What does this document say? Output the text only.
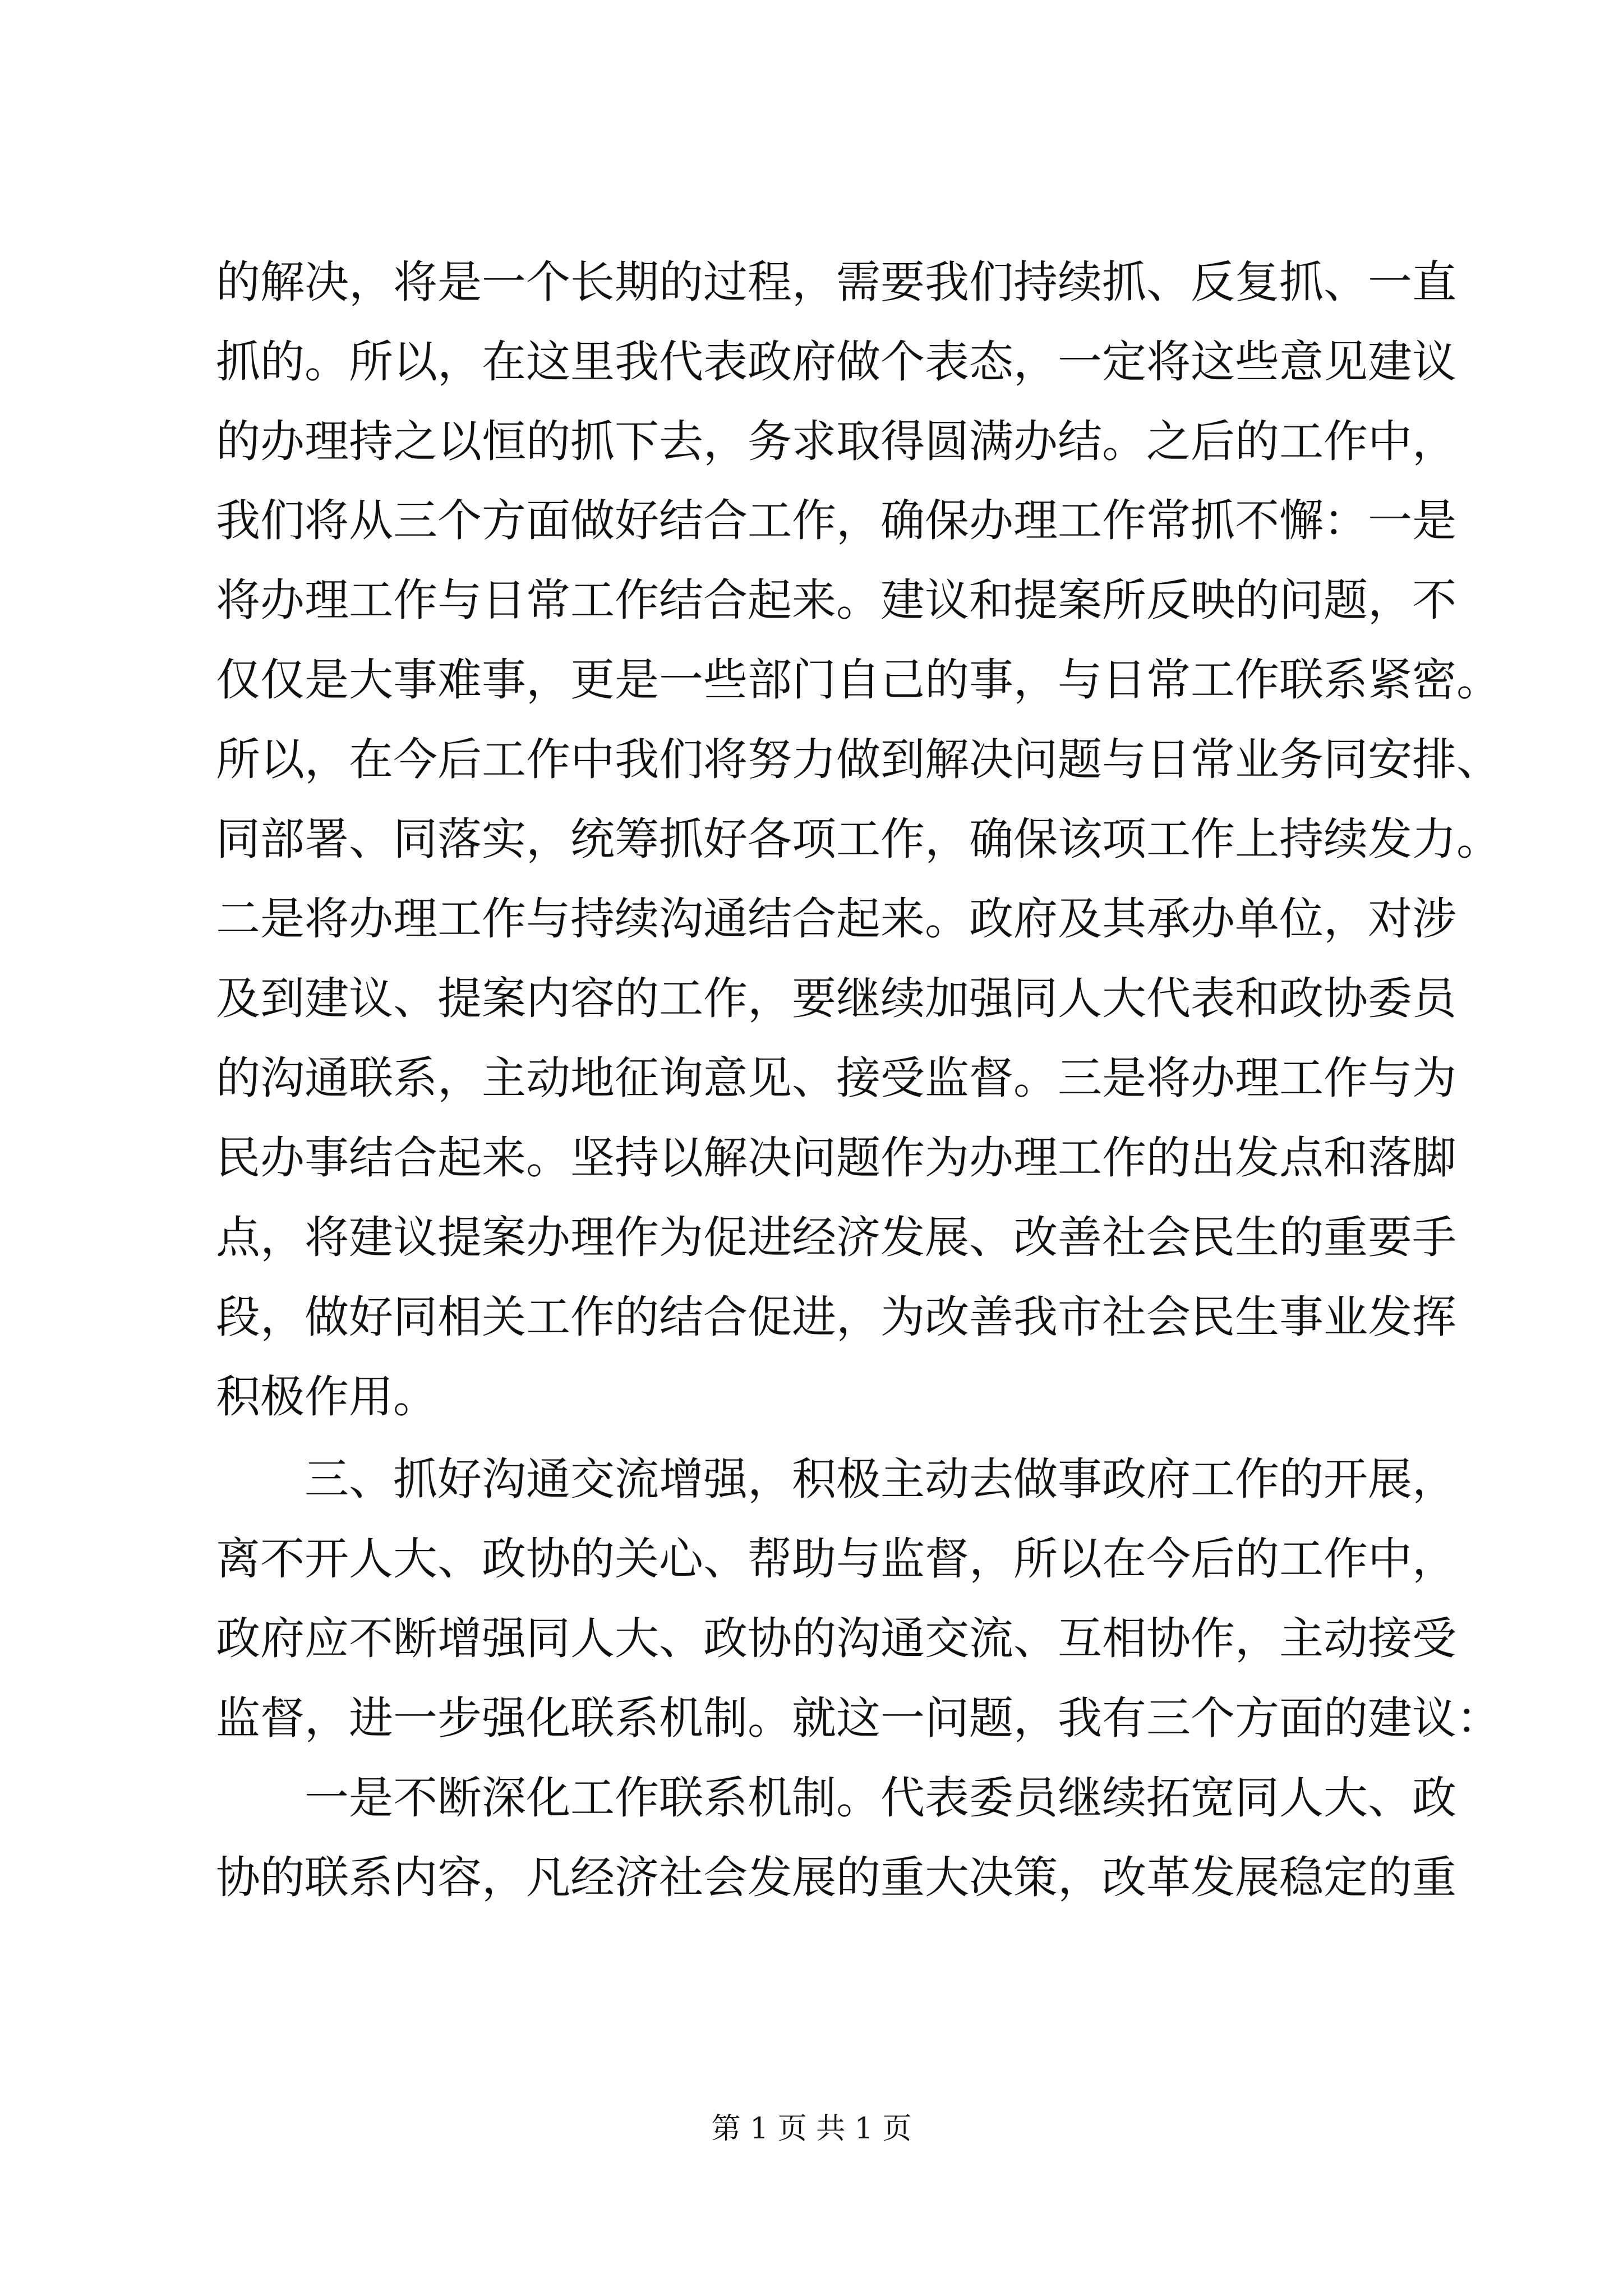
的解决，将是一个长期的过程，需要我们持续抓、反复抓、一直
抓的。所以，在这里我代表政府做个表态，一定将这些意见建议
的办理持之以恒的抓下去，务求取得圆满办结。之后的工作中，
我们将从三个方面做好结合工作，确保办理工作常抓不懈：一是
将办理工作与日常工作结合起来。建议和提案所反映的问题，不
仅仅是大事难事，更是一些部门自己的事，与日常工作联系紧密。
所以，在今后工作中我们将努力做到解决问题与日常业务同安排、
同部署、同落实，统筹抓好各项工作，确保该项工作上持续发力。
二是将办理工作与持续沟通结合起来。政府及其承办单位，对涉
及到建议、提案内容的工作，要继续加强同人大代表和政协委员
的沟通联系，主动地征询意见、接受监督。三是将办理工作与为
民办事结合起来。坚持以解决问题作为办理工作的出发点和落脚
点，将建议提案办理作为促进经济发展、改善社会民生的重要手
段，做好同相关工作的结合促进，为改善我市社会民生事业发挥
积极作用。
三、抓好沟通交流增强，积极主动去做事政府工作的开展，
离不开人大、政协的关心、帮助与监督，所以在今后的工作中，
政府应不断增强同人大、政协的沟通交流、互相协作，主动接受
监督，进一步强化联系机制。就这一问题，我有三个方面的建议：
一是不断深化工作联系机制。代表委员继续拓宽同人大、政
协的联系内容，凡经济社会发展的重大决策，改革发展稳定的重
第 1 页 共 1 页
